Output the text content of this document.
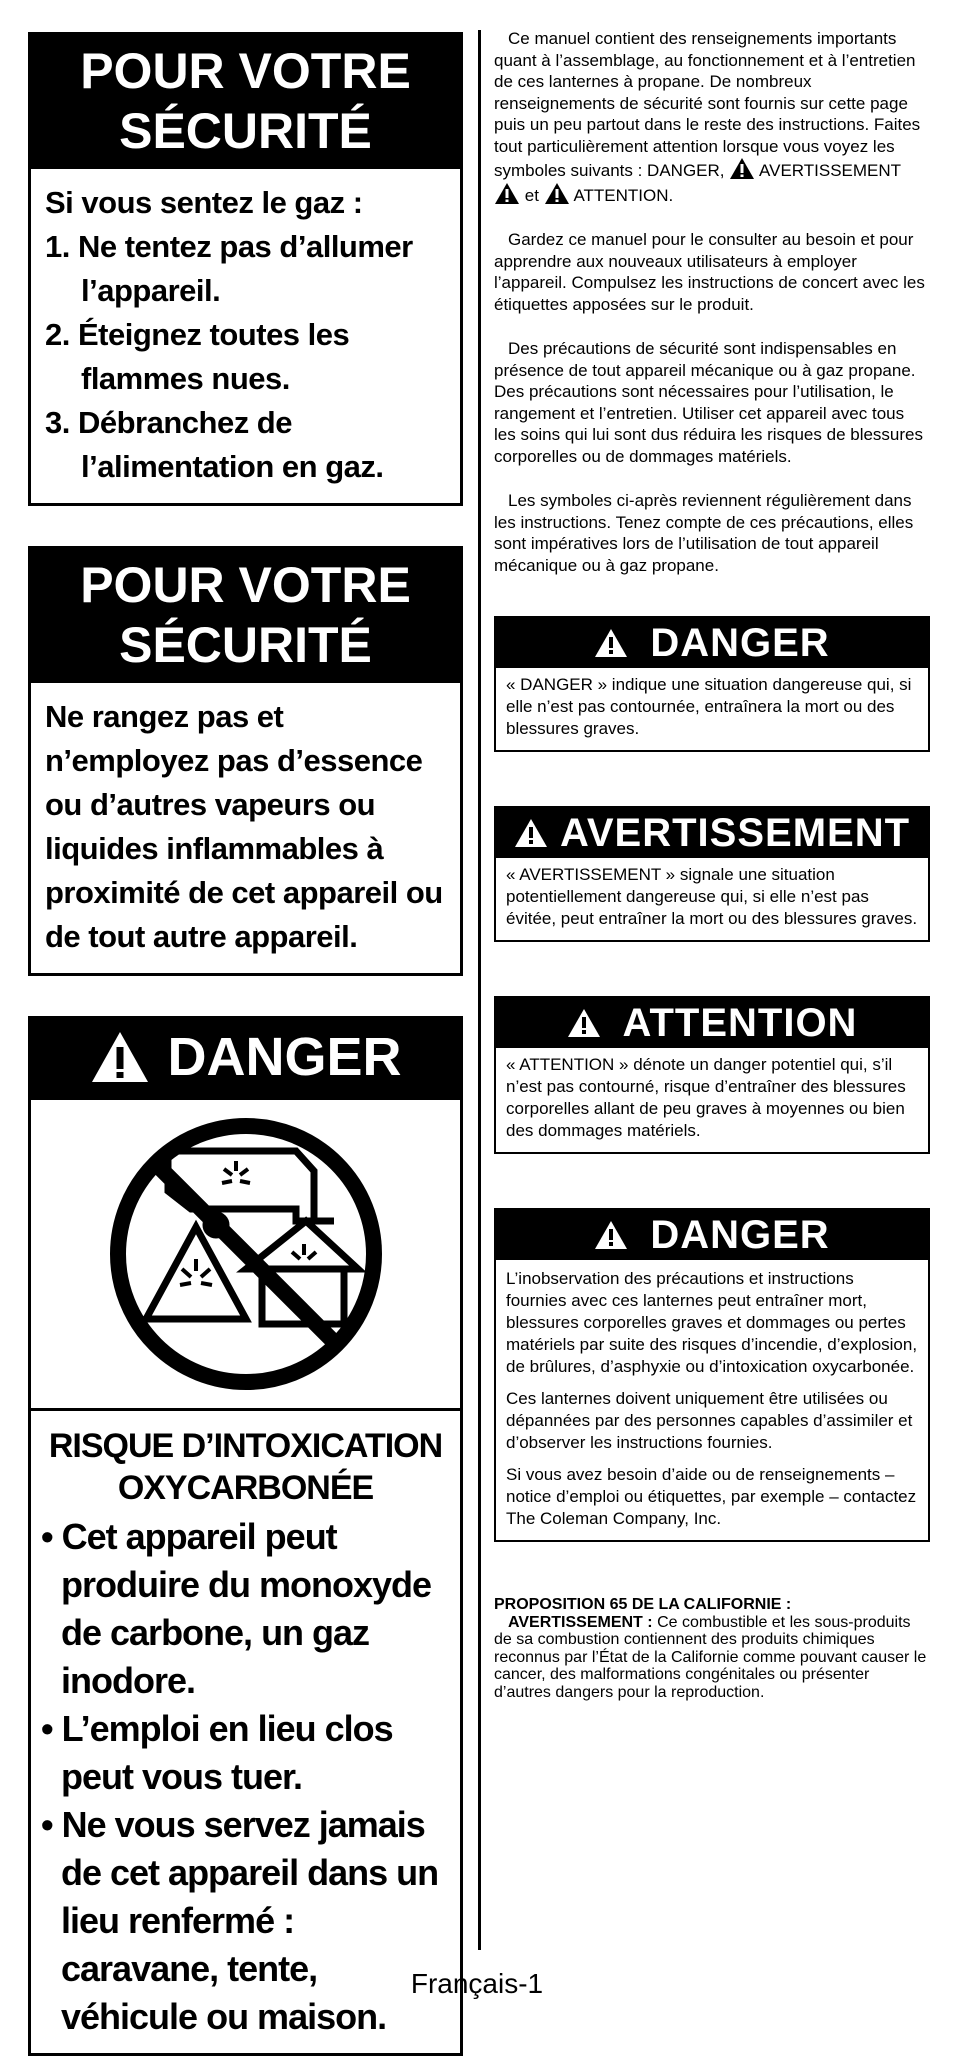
POUR VOTRE
SÉCURITÉ

Si vous sentez le gaz :

1. Ne tentez pas d’allumer l’appareil.
2. Éteignez toutes les flammes nues.
3. Débranchez de l’alimentation en gaz.
POUR VOTRE
SÉCURITÉ

Ne rangez pas et n’employez pas d’essence ou d’autres vapeurs ou liquides inflammables à proximité de cet appareil ou de tout autre appareil.

DANGER
RISQUE D’INTOXICATION
OXYCARBONÉE
• Cet appareil peut produire du monoxyde de carbone, un gaz inodore.
• L’emploi en lieu clos peut vous tuer.
• Ne vous servez jamais de cet appareil dans un lieu renfermé : caravane, tente, véhicule ou maison.

Ce manuel contient des renseignements importants quant à l’assemblage, au fonctionnement et à l’entretien de ces lanternes à propane. De nombreux renseignements de sécurité sont fournis sur cette page puis un peu partout dans le reste des instructions. Faites tout particulièrement attention lorsque vous voyez les symboles suivants : DANGER, AVERTISSEMENT  et ATTENTION.

Gardez ce manuel pour le consulter au besoin et pour apprendre aux nouveaux utilisateurs à employer l’appareil. Compulsez les instructions de concert avec les étiquettes apposées sur le produit.

Des précautions de sécurité sont indispensables en présence de tout appareil mécanique ou à gaz propane. Des précautions sont nécessaires pour l’utilisation, le rangement et l’entretien. Utiliser cet appareil avec tous les soins qui lui sont dus réduira les risques de blessures corporelles ou de dommages matériels.

Les symboles ci-après reviennent régulièrement dans les instructions. Tenez compte de ces précautions, elles sont impératives lors de l’utilisation de tout appareil mécanique ou à gaz propane.

DANGER
« DANGER » indique une situation dangereuse qui, si elle n’est pas contournée, entraînera la mort ou des blessures graves.
AVERTISSEMENT
« AVERTISSEMENT » signale une situation potentiellement dangereuse qui, si elle n’est pas évitée, peut entraîner la mort ou des blessures graves.
ATTENTION
« ATTENTION » dénote un danger potentiel qui, s’il n’est pas contourné, risque d’entraîner des blessures corporelles allant de peu graves à moyennes ou bien des dommages matériels.
DANGER

L’inobservation des précautions et instructions fournies avec ces lanternes peut entraîner mort, blessures corporelles graves et dommages ou pertes matériels par suite des risques d’incendie, d’explosion, de brûlures, d’asphyxie ou d’intoxication oxycarbonée.

Ces lanternes doivent uniquement être utilisées ou dépannées par des personnes capables d’assimiler et d’observer les instructions fournies.

Si vous avez besoin d’aide ou de renseignements – notice d’emploi ou étiquettes, par exemple – contactez The Coleman Company, Inc.

PROPOSITION 65 DE LA CALIFORNIE :
AVERTISSEMENT : Ce combustible et les sous-produits de sa combustion contiennent des produits chimiques reconnus par l’État de la Californie comme pouvant causer le cancer, des malformations congénitales ou présenter d’autres dangers pour la reproduction.
Français-1
